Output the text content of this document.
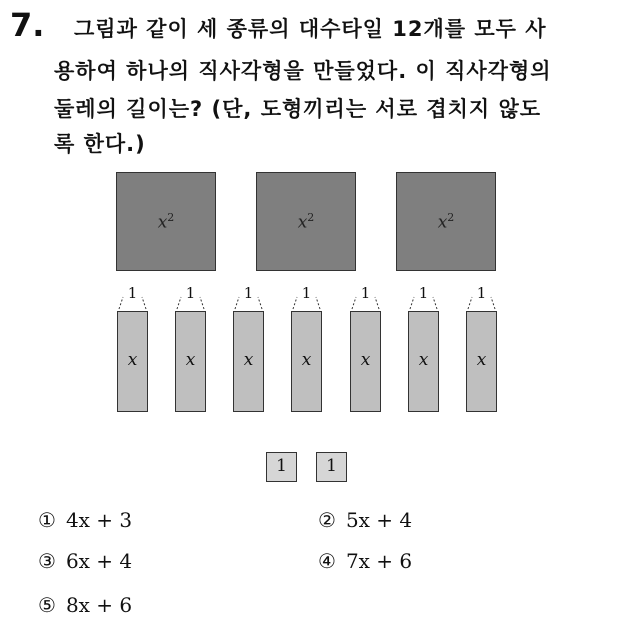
7. 그림과 같이 세 종류의 대수타일 12개를 모두 사
용하여 하나의 직사각형을 만들었다. 이 직사각형의
둘레의 길이는? (단, 도형끼리는 서로 겹치지 않도
록 한다.)
$x^2$	$x^2$	$x^2$
1	1	1	1	1	1	1
x	x	x	x	x	x	x
1	1
① 4x + 3	② 5x + 4
③ 6x + 4	④ 7x + 6
⑤ 8x + 6
